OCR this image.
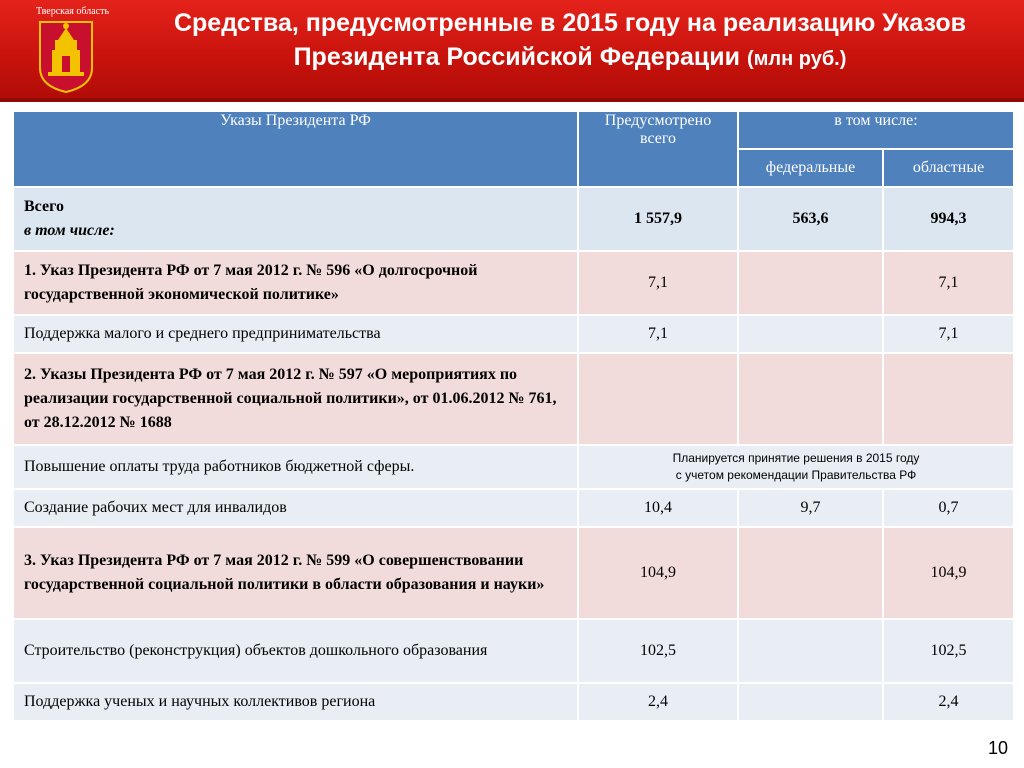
Тверская область	Средства, предусмотренные в 2015 году на реализацию Указов
Президента Российской Федерации (млн руб.)
Указы Президента РФ	Предусмотрено всего	в том числе:	
		федеральные	областные

Всего
в том числе:	1 557,9	563,6	994,3
1. Указ Президента РФ от 7 мая 2012 г. № 596 «О долгосрочной государственной экономической политике»	7,1		7,1
Поддержка малого и среднего предпринимательства	7,1		7,1
2. Указы Президента РФ от 7 мая 2012 г. № 597 «О мероприятиях по реализации государственной социальной политики», от 01.06.2012 № 761, от 28.12.2012 № 1688			
Повышение оплаты труда работников бюджетной сферы.	Планируется принятие решения в 2015 году
с учетом рекомендации Правительства РФ		

Создание рабочих мест для инвалидов	10,4	9,7	0,7
3. Указ Президента РФ от 7 мая 2012 г. № 599 «О совершенствовании государственной социальной политики в области образования и науки»	104,9		104,9
Строительство (реконструкция) объектов дошкольного образования	102,5		102,5
Поддержка ученых и научных коллективов региона	2,4		2,4
10
